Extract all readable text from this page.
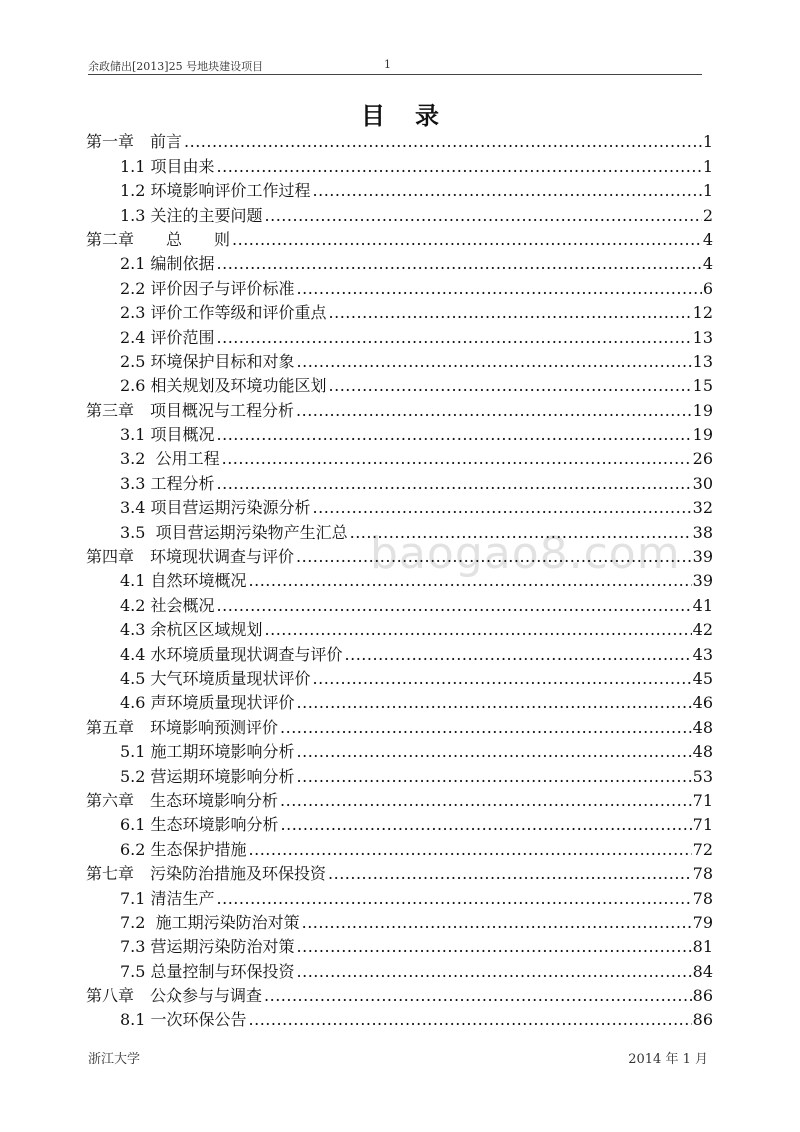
余政储出[2013]25 号地块建设项目	1
目录
baogao8.com
第一章　前言 .....	1
1.1 项目由来 .....	1
1.2 环境影响评价工作过程 .....	1
1.3 关注的主要问题 .....	2
第二章　　总　　则 .....	4
2.1 编制依据 .....	4
2.2 评价因子与评价标准 .....	6
2.3 评价工作等级和评价重点 .....	12
2.4 评价范围 .....	13
2.5 环境保护目标和对象 .....	13
2.6 相关规划及环境功能区划 .....	15
第三章　项目概况与工程分析 .....	19
3.1 项目概况 .....	19
3.2  公用工程 .....	26
3.3 工程分析 .....	30
3.4 项目营运期污染源分析 .....	32
3.5  项目营运期污染物产生汇总 .....	38
第四章　环境现状调查与评价 .....	39
4.1 自然环境概况 .....	39
4.2 社会概况 .....	41
4.3 余杭区区域规划 .....	42
4.4 水环境质量现状调查与评价 .....	43
4.5 大气环境质量现状评价 .....	45
4.6 声环境质量现状评价 .....	46
第五章　环境影响预测评价 .....	48
5.1 施工期环境影响分析 .....	48
5.2 营运期环境影响分析 .....	53
第六章　生态环境影响分析 .....	71
6.1 生态环境影响分析 .....	71
6.2 生态保护措施 .....	72
第七章　污染防治措施及环保投资 .....	78
7.1 清洁生产 .....	78
7.2  施工期污染防治对策 .....	79
7.3 营运期污染防治对策 .....	81
7.5 总量控制与环保投资 .....	84
第八章　公众参与与调查 .....	86
8.1 一次环保公告 .....	86
浙江大学	2014 年 1 月
